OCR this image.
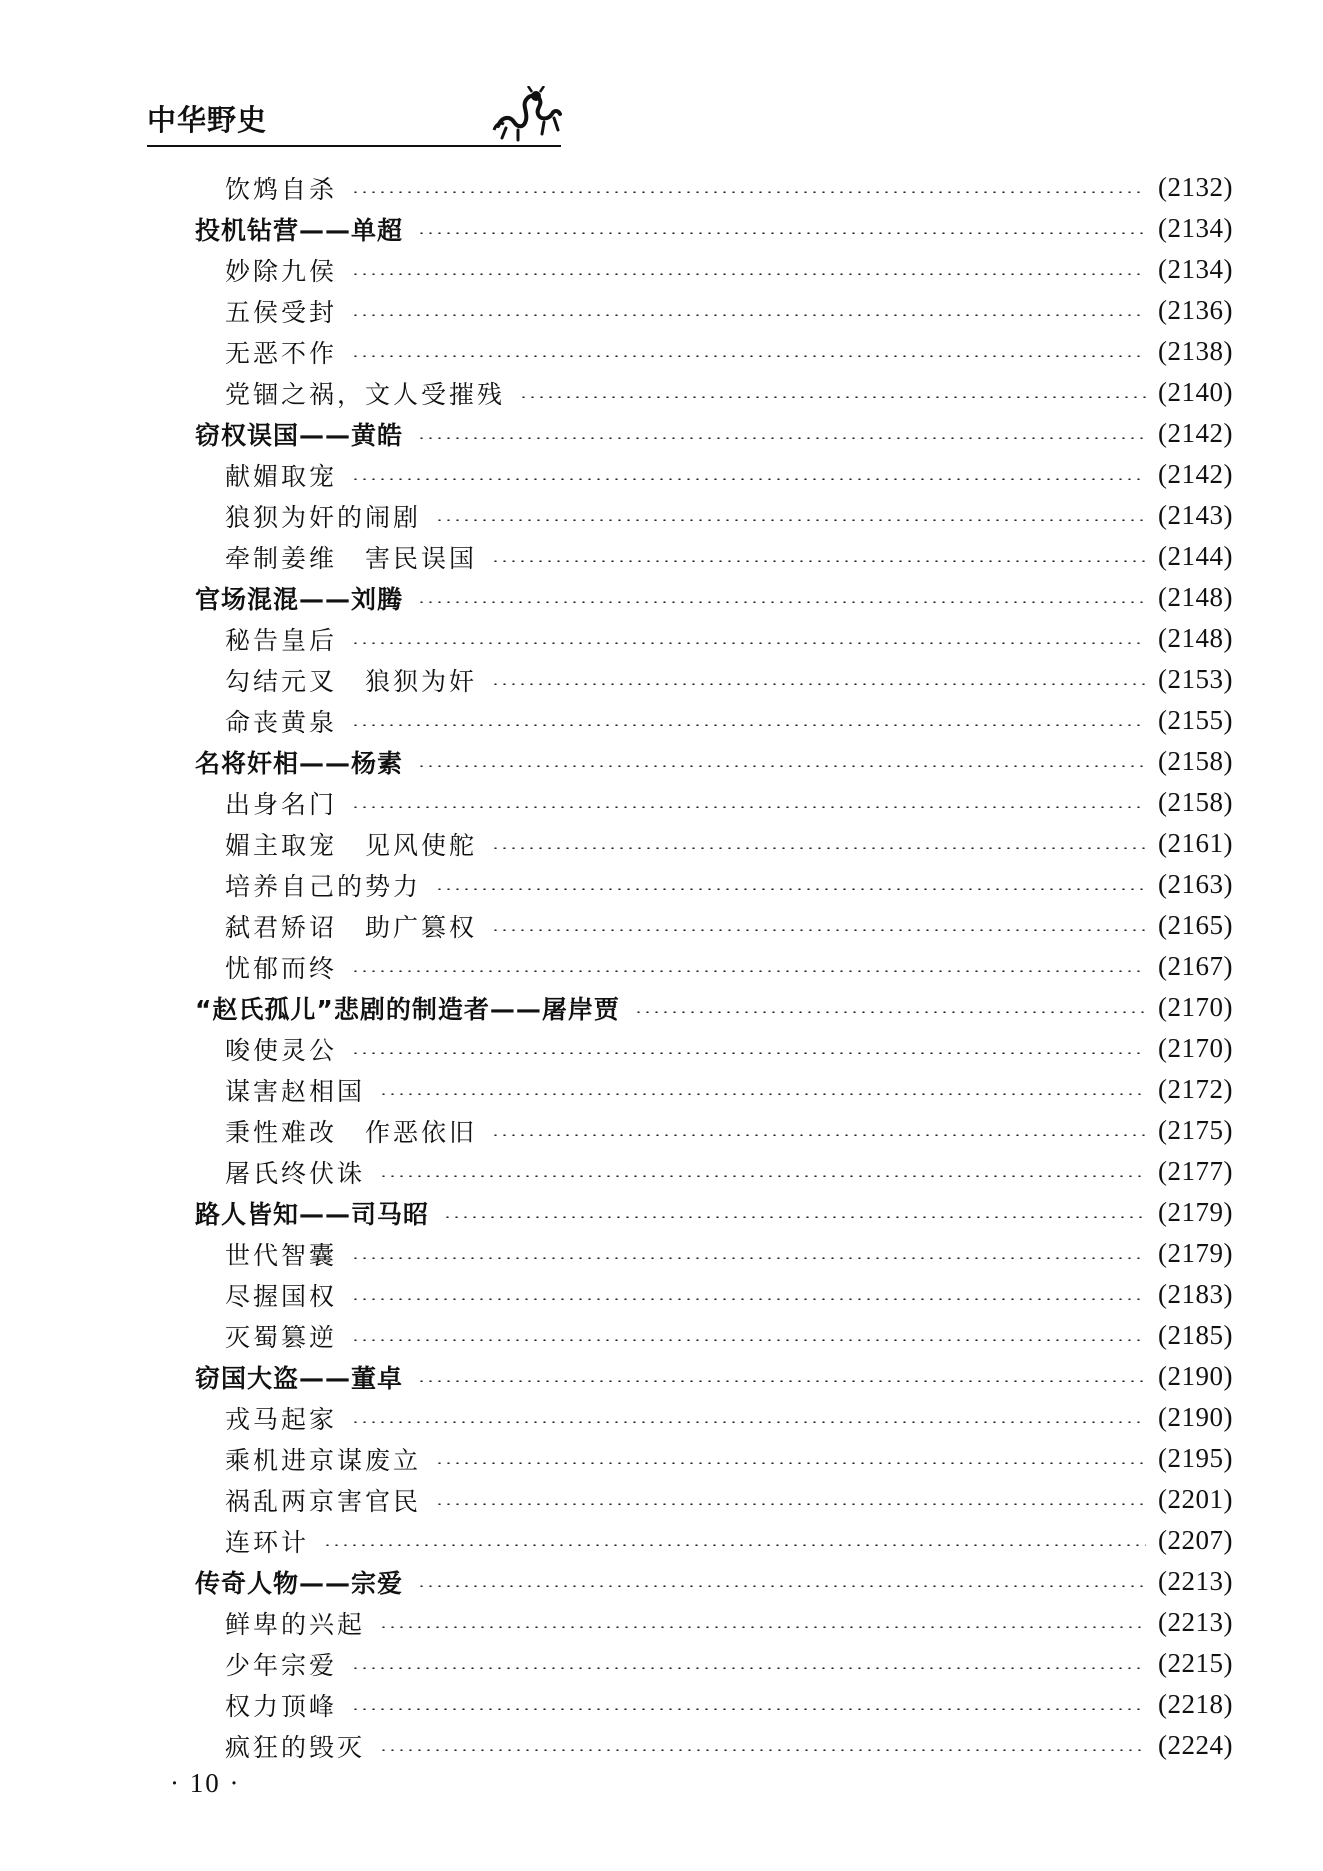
中华野史
饮鸩自杀	(2132)
投机钻营——单超	(2134)
妙除九侯	(2134)
五侯受封	(2136)
无恶不作	(2138)
党锢之祸，文人受摧残	(2140)
窃权误国——黄皓	(2142)
献媚取宠	(2142)
狼狈为奸的闹剧	(2143)
牵制姜维　害民误国	(2144)
官场混混——刘腾	(2148)
秘告皇后	(2148)
勾结元叉　狼狈为奸	(2153)
命丧黄泉	(2155)
名将奸相——杨素	(2158)
出身名门	(2158)
媚主取宠　见风使舵	(2161)
培养自己的势力	(2163)
弑君矫诏　助广篡权	(2165)
忧郁而终	(2167)
“赵氏孤儿”悲剧的制造者——屠岸贾	(2170)
唆使灵公	(2170)
谋害赵相国	(2172)
秉性难改　作恶依旧	(2175)
屠氏终伏诛	(2177)
路人皆知——司马昭	(2179)
世代智囊	(2179)
尽握国权	(2183)
灭蜀篡逆	(2185)
窃国大盗——董卓	(2190)
戎马起家	(2190)
乘机进京谋废立	(2195)
祸乱两京害官民	(2201)
连环计	(2207)
传奇人物——宗爱	(2213)
鲜卑的兴起	(2213)
少年宗爱	(2215)
权力顶峰	(2218)
疯狂的毁灭	(2224)
· 10 ·
